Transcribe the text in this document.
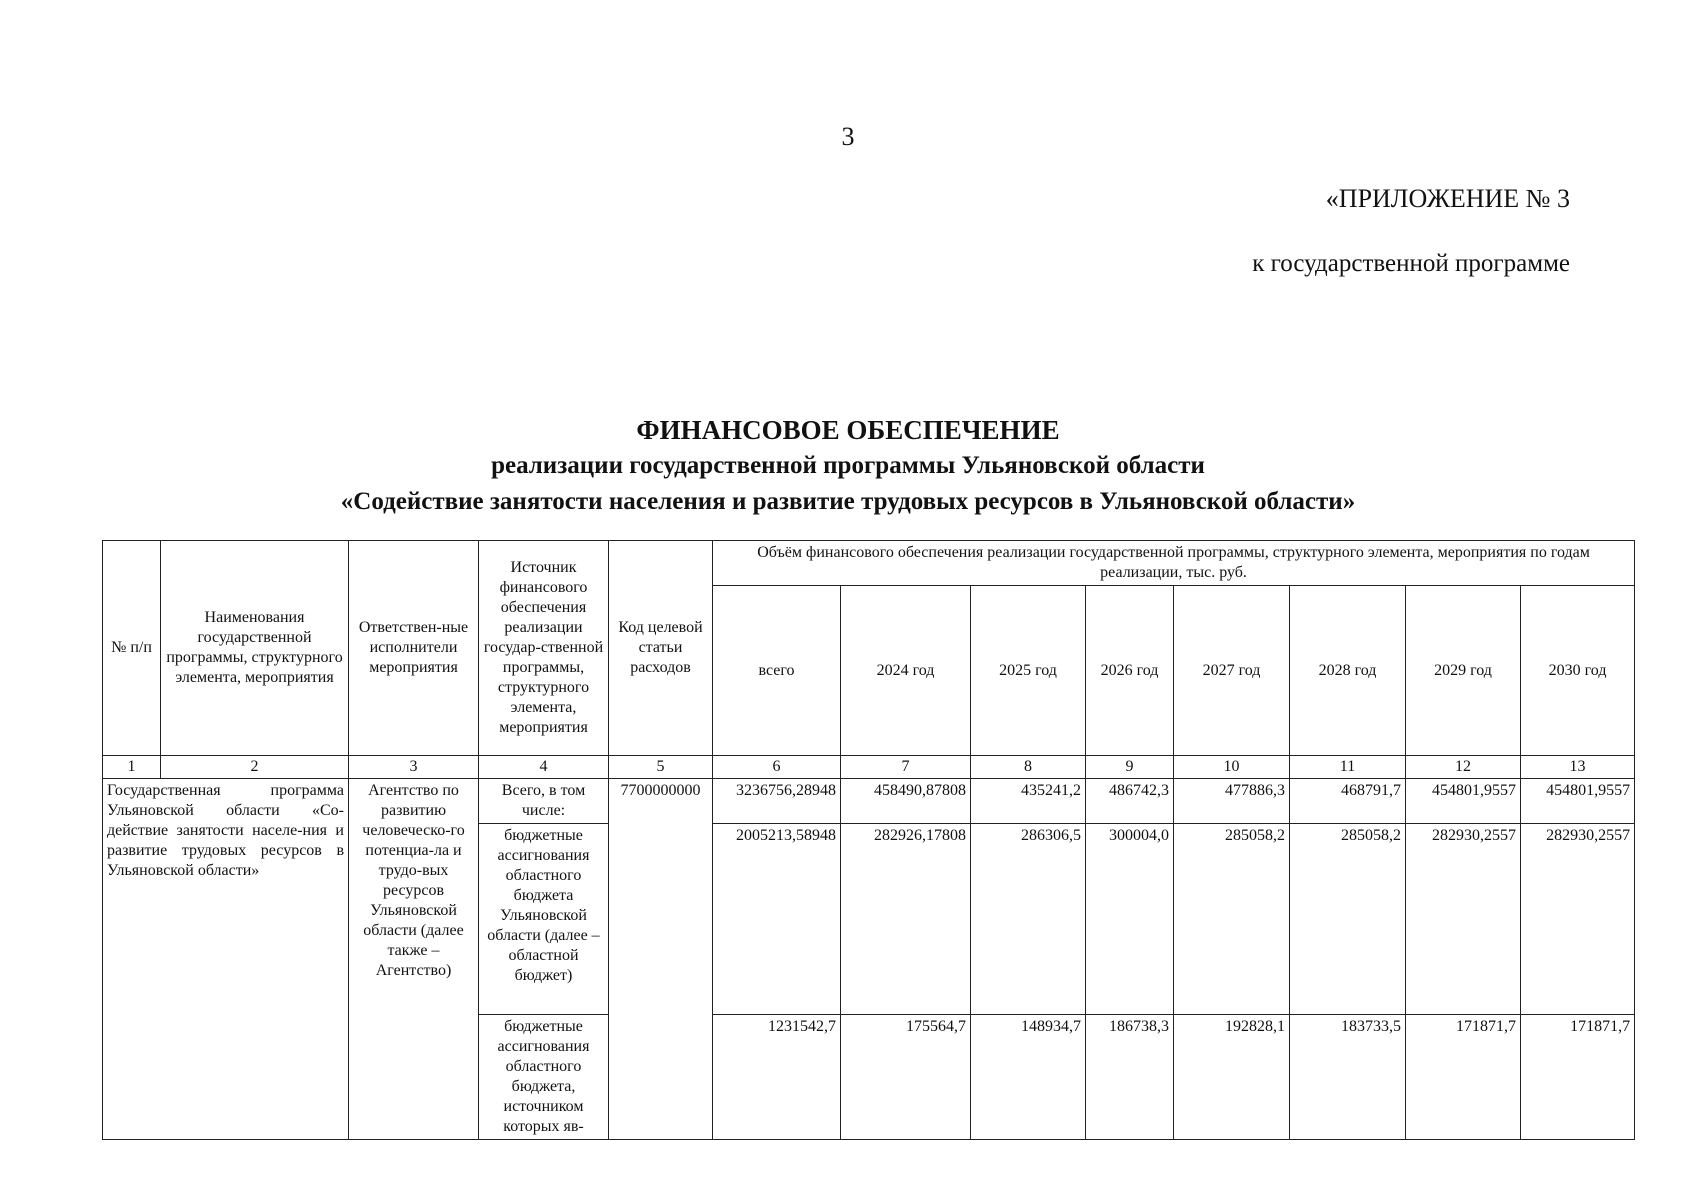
3
«ПРИЛОЖЕНИЕ № 3
к государственной программе
ФИНАНСОВОЕ ОБЕСПЕЧЕНИЕ
реализации государственной программы Ульяновской области
«Содействие занятости населения и развитие трудовых ресурсов в Ульяновской области»
№ п/п	Наименования государственной программы, структурного элемента, мероприятия	Ответствен-ные исполнители мероприятия	Источник финансового обеспечения реализации государ-ственной программы, структурного элемента, мероприятия	Код целевой статьи расходов	Объём финансового обеспечения реализации государственной программы, структурного элемента, мероприятия по годам реализации, тыс. руб.							
					всего	2024 год	2025 год	2026 год	2027 год	2028 год	2029 год	2030 год
1	2	3	4	5	6	7	8	9	10	11	12	13
Государственная программа Ульяновской области «Со-действие занятости населе-ния и развитие трудовых ресурсов в Ульяновской области»		Агентство по развитию человеческо-го потенциа-ла и трудо-вых ресурсов Ульяновской области (далее также – Агентство)	Всего, в том числе:	7700000000	3236756,28948	458490,87808	435241,2	486742,3	477886,3	468791,7	454801,9557	454801,9557
			бюджетные ассигнования областного бюджета Ульяновской области (далее – областной бюджет)		2005213,58948	282926,17808	286306,5	300004,0	285058,2	285058,2	282930,2557	282930,2557
			бюджетные ассигнования областного бюджета, источником которых яв-		1231542,7	175564,7	148934,7	186738,3	192828,1	183733,5	171871,7	171871,7
